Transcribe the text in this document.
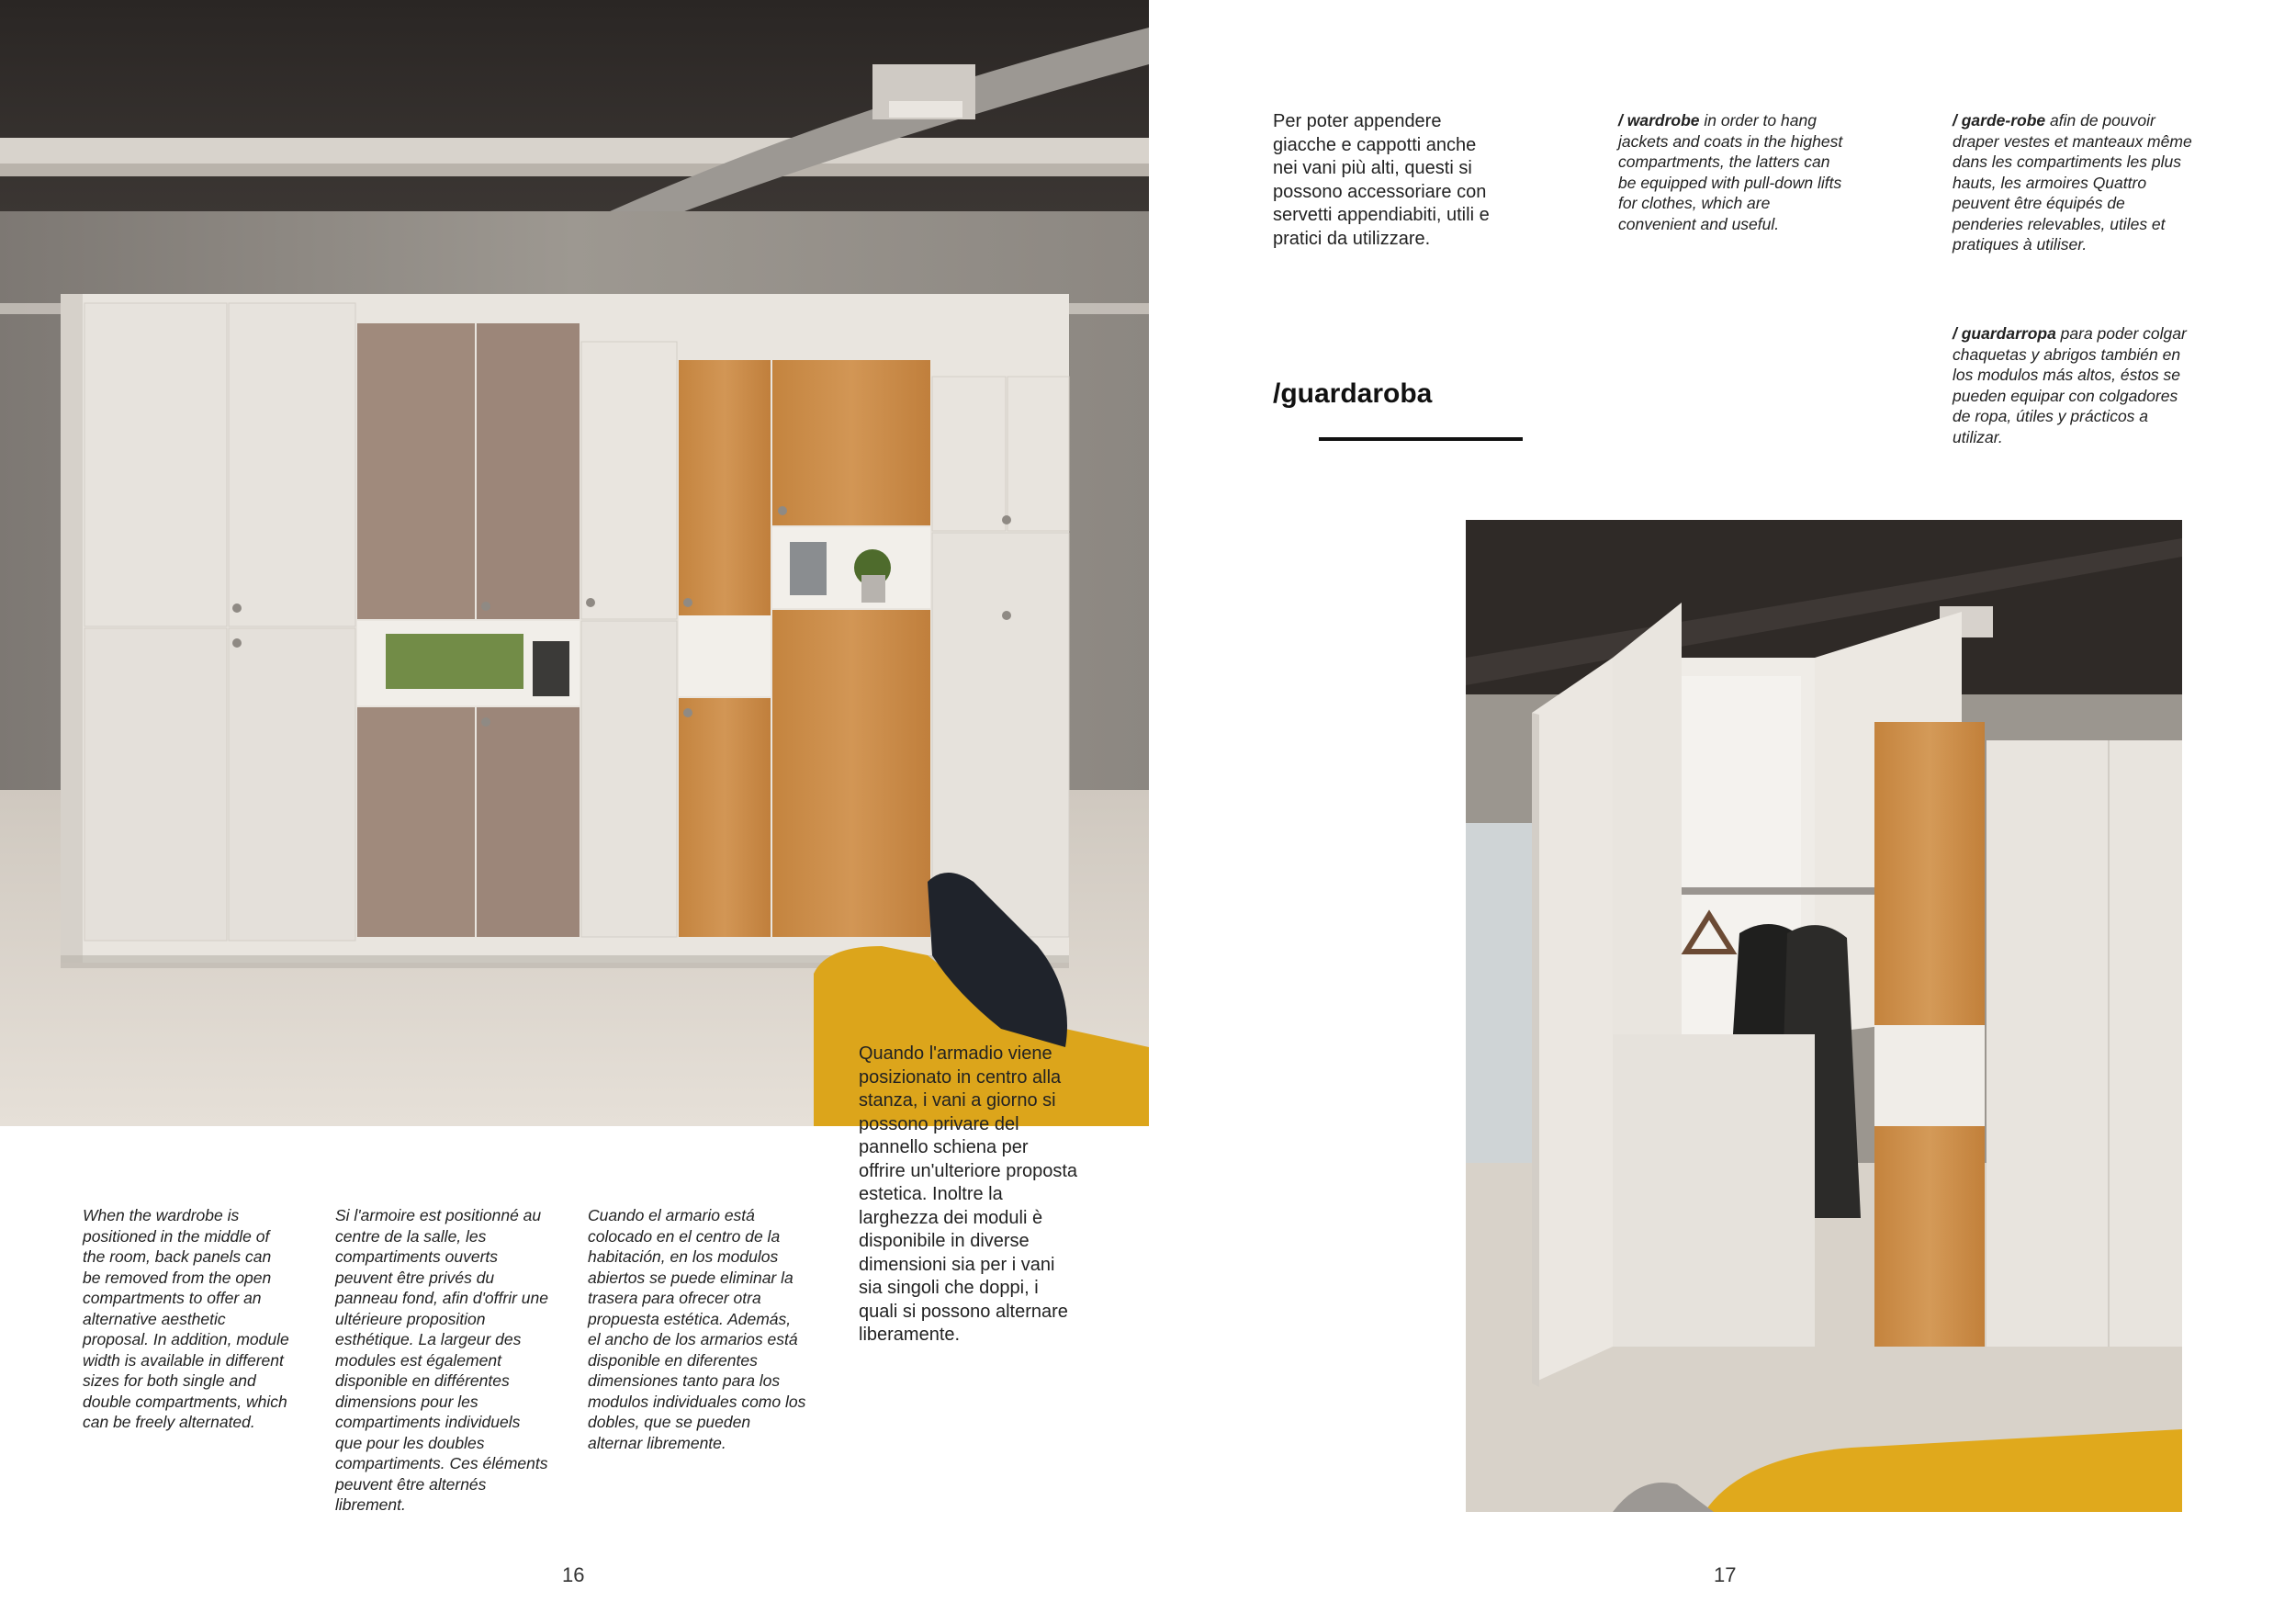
Quando l'armadio viene posizionato in centro alla stanza, i vani a giorno si possono privare del pannello schiena per offrire un'ulteriore proposta estetica. Inoltre la larghezza dei moduli è disponibile in diverse dimensioni sia per i vani sia singoli che doppi, i quali si possono alternare liberamente.
When the wardrobe is positioned in the middle of the room, back panels can be removed from the open compartments to offer an alternative aesthetic proposal. In addition, module width is available in different sizes for both single and double compartments, which can be freely alternated.
Si l'armoire est positionné au centre de la salle, les compartiments ouverts peuvent être privés du panneau fond, afin d'offrir une ultérieure proposition esthétique. La largeur des modules est également disponible en différentes dimensions pour les compartiments individuels que pour les doubles compartiments. Ces éléments peuvent être alternés librement.
Cuando el armario está colocado en el centro de la habitación, en los modulos abiertos se puede eliminar la trasera para ofrecer otra propuesta estética. Además, el ancho de los armarios está disponible en diferentes dimensiones tanto para los modulos individuales como los dobles, que se pueden alternar libremente.
16
Per poter appendere giacche e cappotti anche nei vani più alti, questi si possono accessoriare con servetti appendiabiti, utili e pratici da utilizzare.
/ wardrobe in order to hang jackets and coats in the highest compartments, the latters can be equipped with pull-down lifts for clothes, which are convenient and useful.
/ garde-robe afin de pouvoir draper vestes et manteaux même dans les compartiments les plus hauts, les armoires Quattro peuvent être équipés de penderies relevables, utiles et pratiques à utiliser.
/ guardarropa para poder colgar chaquetas y abrigos también en los modulos más altos, éstos se pueden equipar con colgadores de ropa, útiles y prácticos a utilizar.
/guardaroba
17
